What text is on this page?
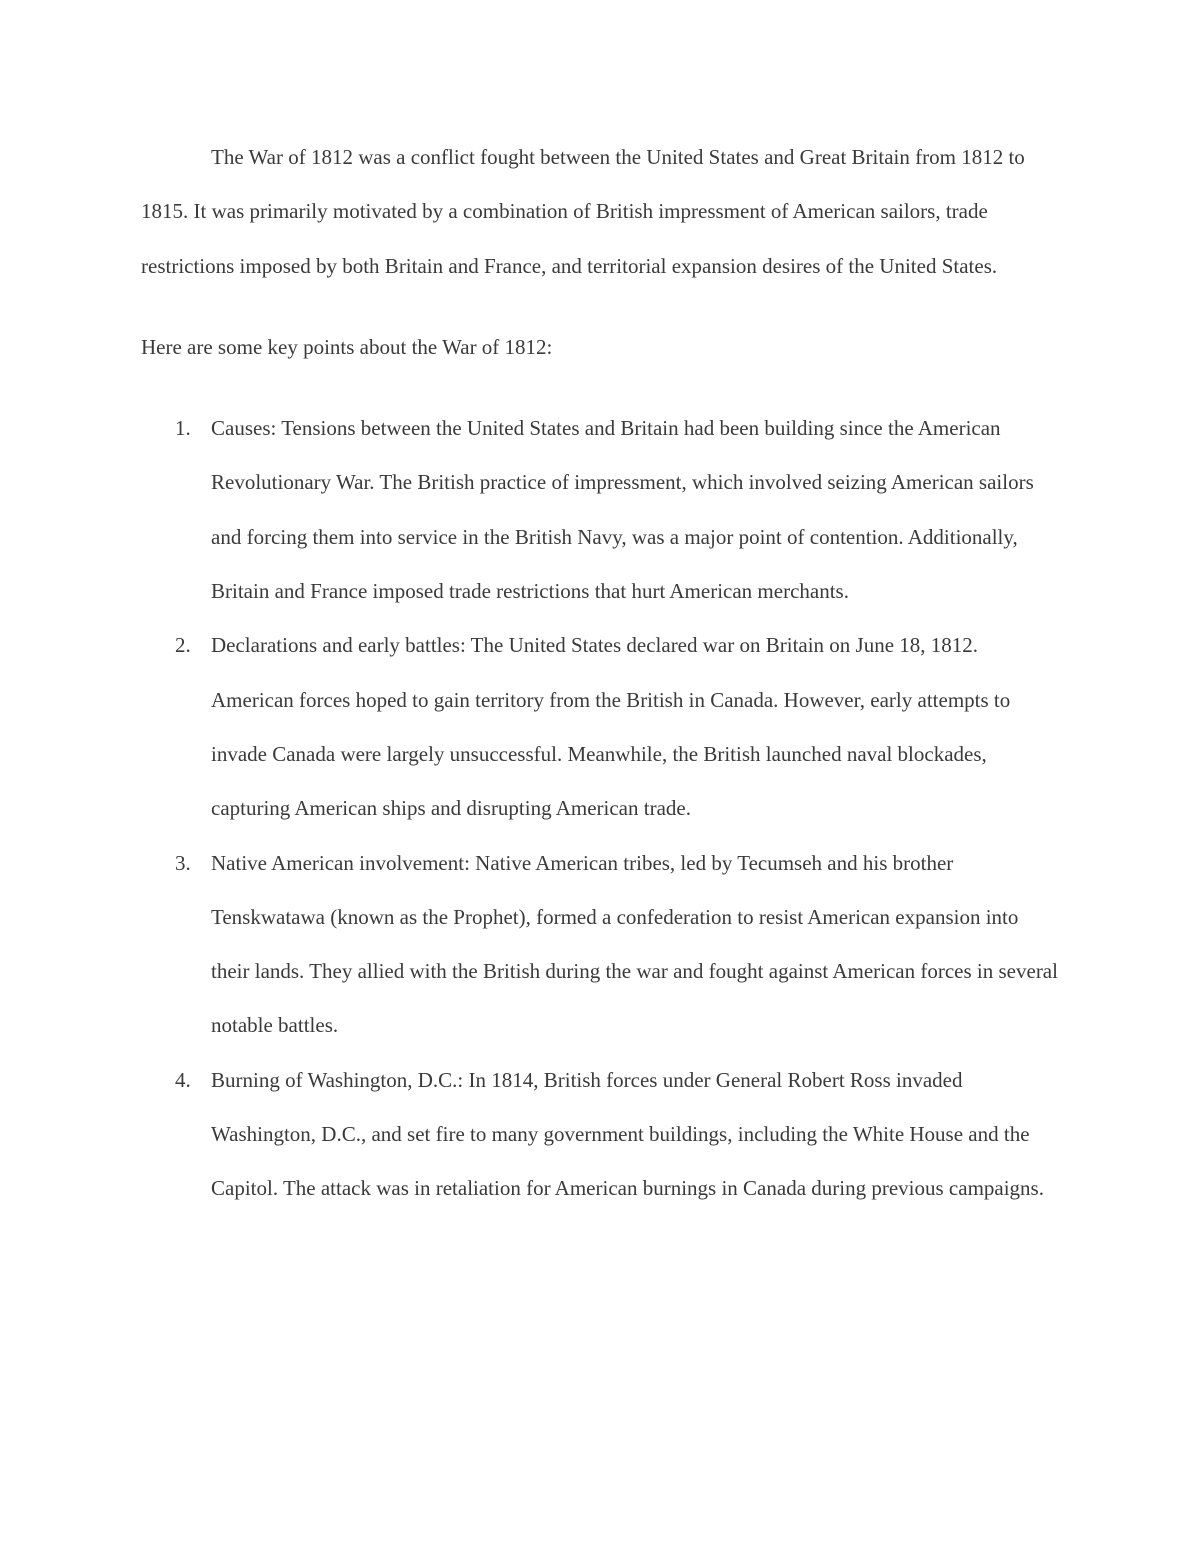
The War of 1812 was a conflict fought between the United States and Great Britain from 1812 to 1815. It was primarily motivated by a combination of British impressment of American sailors, trade restrictions imposed by both Britain and France, and territorial expansion desires of the United States.

Here are some key points about the War of 1812:

1. Causes: Tensions between the United States and Britain had been building since the American Revolutionary War. The British practice of impressment, which involved seizing American sailors and forcing them into service in the British Navy, was a major point of contention. Additionally, Britain and France imposed trade restrictions that hurt American merchants.
2. Declarations and early battles: The United States declared war on Britain on June 18, 1812. American forces hoped to gain territory from the British in Canada. However, early attempts to invade Canada were largely unsuccessful. Meanwhile, the British launched naval blockades, capturing American ships and disrupting American trade.
3. Native American involvement: Native American tribes, led by Tecumseh and his brother Tenskwatawa (known as the Prophet), formed a confederation to resist American expansion into their lands. They allied with the British during the war and fought against American forces in several notable battles.
4. Burning of Washington, D.C.: In 1814, British forces under General Robert Ross invaded Washington, D.C., and set fire to many government buildings, including the White House and the Capitol. The attack was in retaliation for American burnings in Canada during previous campaigns.
